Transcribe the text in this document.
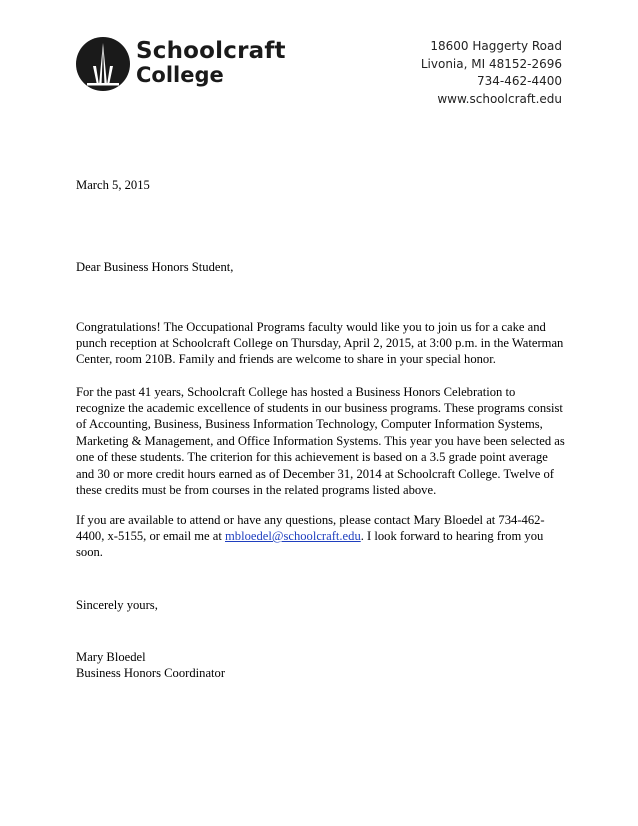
Schoolcraft
College
18600 Haggerty Road
Livonia, MI 48152-2696
734-462-4400
www.schoolcraft.edu
March 5, 2015
Dear Business Honors Student,

Congratulations! The Occupational Programs faculty would like you to join us for a cake and punch reception at Schoolcraft College on Thursday, April 2, 2015, at 3:00 p.m. in the Waterman Center, room 210B. Family and friends are welcome to share in your special honor.

For the past 41 years, Schoolcraft College has hosted a Business Honors Celebration to recognize the academic excellence of students in our business programs. These programs consist of Accounting, Business, Business Information Technology, Computer Information Systems, Marketing & Management, and Office Information Systems. This year you have been selected as one of these students. The criterion for this achievement is based on a 3.5 grade point average and 30 or more credit hours earned as of December 31, 2014 at Schoolcraft College. Twelve of these credits must be from courses in the related programs listed above.

If you are available to attend or have any questions, please contact Mary Bloedel at 734-462-4400, x-5155, or email me at mbloedel@schoolcraft.edu. I look forward to hearing from you soon.

Sincerely yours,
Mary Bloedel
Business Honors Coordinator
